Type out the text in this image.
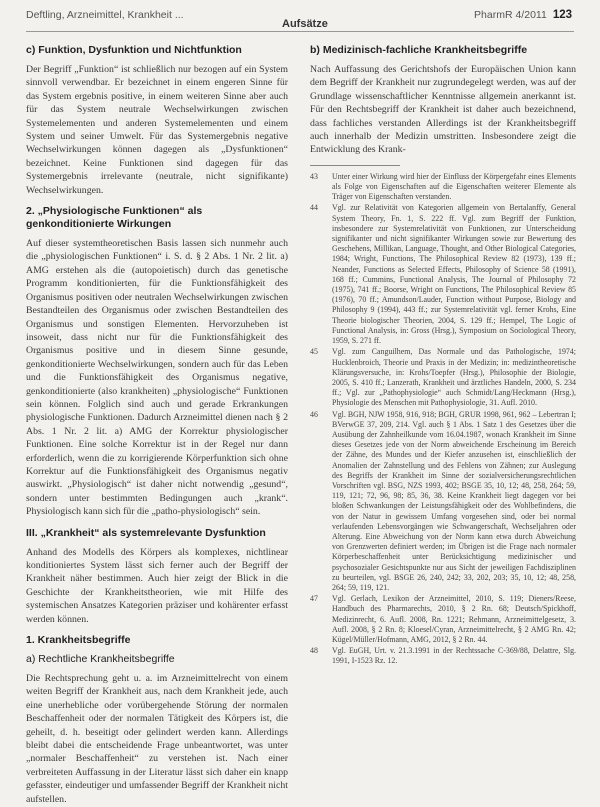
Deftling, Arzneimittel, Krankheit ...
Aufsätze
PharmR 4/2011 123
c) Funktion, Dysfunktion und Nichtfunktion

Der Begriff „Funktion“ ist schließlich nur bezogen auf ein System sinnvoll verwendbar. Er bezeichnet in einem engeren Sinne für das System ergebnis positive, in einem weiteren Sinne aber auch für das System neutrale Wechselwirkungen zwischen Systemelementen und anderen Systemelementen und einem System und seiner Umwelt. Für das Systemergebnis negative Wechselwirkungen können dagegen als „Dysfunktionen“ bezeichnet. Keine Funktionen sind dagegen für das Systemergebnis irrelevante (neutrale, nicht signifikante) Wechselwirkungen.

2. „Physiologische Funktionen“ als genkonditionierte Wirkungen

Auf dieser systemtheoretischen Basis lassen sich nunmehr auch die „physiologischen Funktionen“ i. S. d. § 2 Abs. 1 Nr. 2 lit. a) AMG erstehen als die (autopoietisch) durch das genetische Programm konditionierten, für die Funktionsfähigkeit des Organismus positiven oder neutralen Wechselwirkungen zwischen Bestandteilen des Organismus oder zwischen Bestandteilen des Organismus und sonstigen Elementen. Hervorzuheben ist insoweit, dass nicht nur für die Funktionsfähigkeit des Organismus positive und in diesem Sinne gesunde, genkonditionierte Wechselwirkungen, sondern auch für das Leben und die Funktionsfähigkeit des Organismus negative, genkonditionierte (also krankheiten) „physiologische“ Funktionen sein können. Folglich sind auch und gerade Erkrankungen physiologische Funktionen. Dadurch Arzneimittel dienen nach § 2 Abs. 1 Nr. 2 lit. a) AMG der Korrektur physiologischer Funktionen. Eine solche Korrektur ist in der Regel nur dann erforderlich, wenn die zu korrigierende Körperfunktion sich ohne Korrektur auf die Funktionsfähigkeit des Organismus negativ auswirkt. „Physiologisch“ ist daher nicht notwendig „gesund“, sondern unter bestimmten Bedingungen auch „krank“. Physiologisch kann sich für die „patho-physiologisch“ sein.

III. „Krankheit“ als systemrelevante Dysfunktion

Anhand des Modells des Körpers als komplexes, nichtlinear konditioniertes System lässt sich ferner auch der Begriff der Krankheit näher bestimmen. Auch hier zeigt der Blick in die Geschichte der Krankheitstheorien, wie mit Hilfe des systemischen Ansatzes Kategorien präziser und kohärenter erfasst werden können.

1. Krankheitsbegriffe
a) Rechtliche Krankheitsbegriffe

Die Rechtsprechung geht u. a. im Arzneimittelrecht von einem weiten Begriff der Krankheit aus, nach dem Krankheit jede, auch eine unerhebliche oder vorübergehende Störung der normalen Beschaffenheit oder der normalen Tätigkeit des Körpers ist, die geheilt, d. h. beseitigt oder gelindert werden kann. Allerdings bleibt dabei die entscheidende Frage unbeantwortet, was unter „normaler Beschaffenheit“ zu verstehen ist. Nach einer verbreiteten Auffassung in der Literatur lässt sich daher ein knapp gefasster, eindeutiger und umfassender Begriff der Krankheit nicht aufstellen.

b) Medizinisch-fachliche Krankheitsbegriffe

Nach Auffassung des Gerichtshofs der Europäischen Union kann dem Begriff der Krankheit nur zugrundegelegt werden, was auf der Grundlage wissenschaftlicher Kenntnisse allgemein anerkannt ist. Für den Rechtsbegriff der Krankheit ist daher auch bezeichnend, dass fachliches verstanden Allerdings ist der Krankheitsbegriff auch innerhalb der Medizin umstritten. Insbesondere zeigt die Entwicklung des Krank-

43	Unter einer Wirkung wird hier der Einfluss der Körpergefahr eines Elements als Folge von Eigenschaften auf die Eigenschaften weiterer Elemente als Träger von Eigenschaften verstanden.
44	Vgl. zur Relativität von Kategorien allgemein von Bertalanffy, General System Theory, Fn. 1, S. 222 ff. Vgl. zum Begriff der Funktion, insbesondere zur Systemrelativität von Funktionen, zur Unterscheidung signifikanter und nicht signifikanter Wirkungen sowie zur Bewertung des Geschehens, Millikan, Language, Thought, and Other Biological Categories, 1984; Wright, Functions, The Philosophical Review 82 (1973), 139 ff.; Neander, Functions as Selected Effects, Philosophy of Science 58 (1991), 168 ff.; Cummins, Functional Analysis, The Journal of Philosophy 72 (1975), 741 ff.; Boorse, Wright on Functions, The Philosophical Review 85 (1976), 70 ff.; Amundson/Lauder, Function without Purpose, Biology and Philosophy 9 (1994), 443 ff.; zur Systemrelativität vgl. ferner Krohs, Eine Theorie biologischer Theorien, 2004, S. 129 ff.; Hempel, The Logic of Functional Analysis, in: Gross (Hrsg.), Symposium on Sociological Theory, 1959, S. 271 ff.
45	Vgl. zum Canguilhem, Das Normale und das Pathologische, 1974; Hucklenbroich, Theorie und Praxis in der Medizin; in: medizintheoretische Klärungsversuche, in: Krohs/Toepfer (Hrsg.), Philosophie der Biologie, 2005, S. 410 ff.; Lanzerath, Krankheit und ärztliches Handeln, 2000, S. 234 ff.; Vgl. zur „Pathophysiologie“ auch Schmidt/Lang/Heckmann (Hrsg.), Physiologie des Menschen mit Pathophysiologie, 31. Aufl. 2010.
46	Vgl. BGH, NJW 1958, 916, 918; BGH, GRUR 1998, 961, 962 – Lebertran I; BVerwGE 37, 209, 214. Vgl. auch § 1 Abs. 1 Satz 1 des Gesetzes über die Ausübung der Zahnheilkunde vom 16.04.1987, wonach Krankheit im Sinne dieses Gesetzes jede von der Norm abweichende Erscheinung im Bereich der Zähne, des Mundes und der Kiefer anzusehen ist, einschließlich der Anomalien der Zahnstellung und des Fehlens von Zähnen; zur Auslegung des Begriffs der Krankheit im Sinne der sozialversicherungsrechtlichen Vorschriften vgl. BSG, NZS 1993, 402; BSGE 35, 10, 12; 48, 258, 264; 59, 119, 121; 72, 96, 98; 85, 36, 38. Keine Krankheit liegt dagegen vor bei bloßen Schwankungen der Leistungsfähigkeit oder des Wohlbefindens, die von der Natur in gewissem Umfang vorgesehen sind, oder bei normal verlaufenden Lebensvorgängen wie Schwangerschaft, Wechseljahren oder Alterung. Eine Abweichung von der Norm kann etwa durch Abweichung von Grenzwerten definiert werden; im Übrigen ist die Frage nach normaler Körperbeschaffenheit unter Berücksichtigung medizinischer und psychosozialer Gesichtspunkte nur aus Sicht der jeweiligen Fachdisziplinen zu beurteilen, vgl. BSGE 26, 240, 242; 33, 202, 203; 35, 10, 12; 48, 258, 264; 59, 119, 121.
47	Vgl. Gerlach, Lexikon der Arzneimittel, 2010, S. 119; Dieners/Reese, Handbuch des Pharmarechts, 2010, § 2 Rn. 68; Deutsch/Spickhoff, Medizinrecht, 6. Aufl. 2008, Rn. 1221; Rehmann, Arzneimittelgesetz, 3. Aufl. 2008, § 2 Rn. 8; Kloesel/Cyran, Arzneimittelrecht, § 2 AMG Rn. 42; Kügel/Müller/Hofmann, AMG, 2012, § 2 Rn. 44.
48	Vgl. EuGH, Urt. v. 21.3.1991 in der Rechtssache C-369/88, Delattre, Slg. 1991, I-1523 Rz. 12.
